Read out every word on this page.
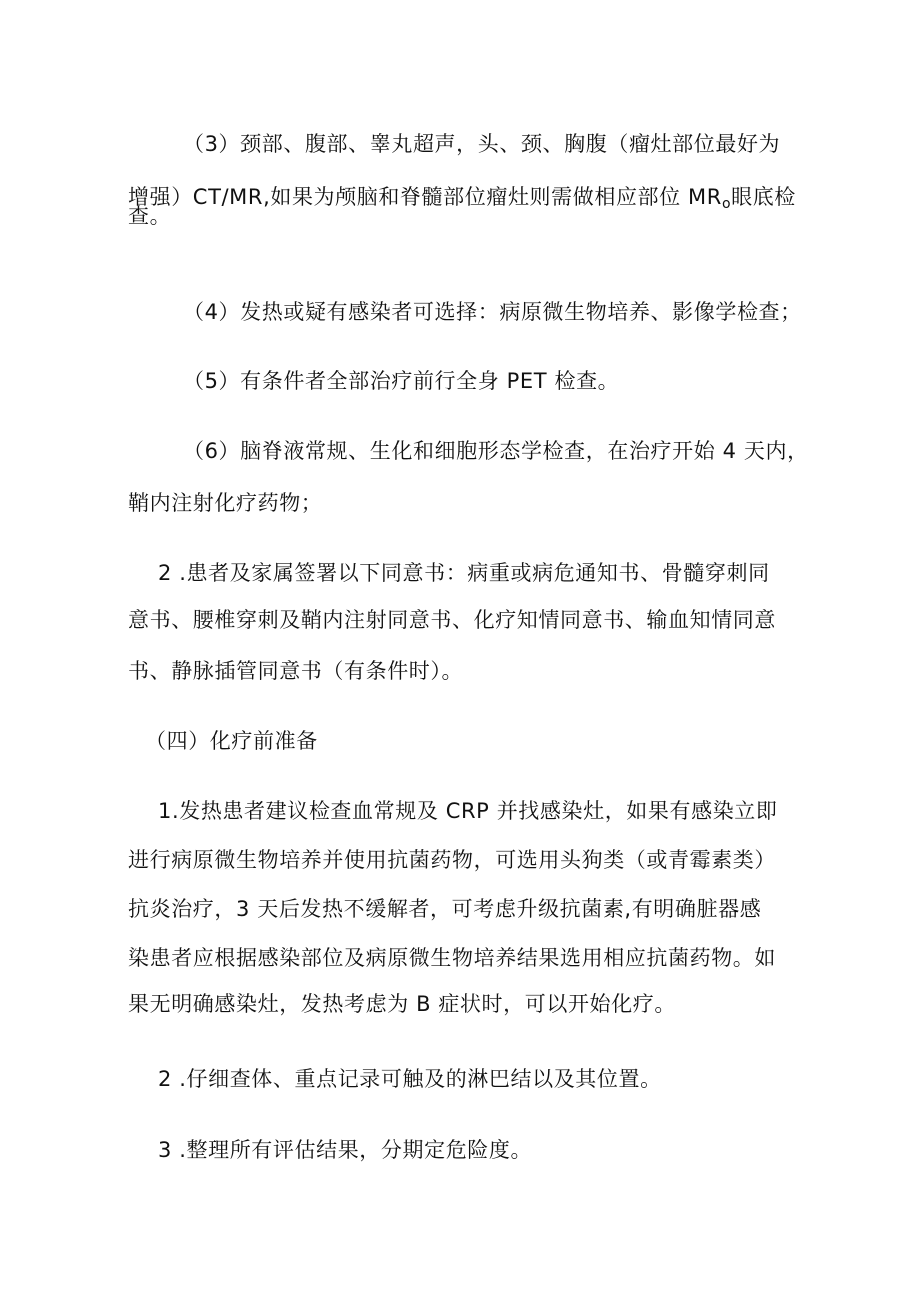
（3）颈部、腹部、睾丸超声，头、颈、胸腹（瘤灶部位最好为
增强）CT/MR,如果为颅脑和脊髓部位瘤灶则需做相应部位 $MR_o$眼底检
查。
（4）发热或疑有感染者可选择：病原微生物培养、影像学检查；
（5）有条件者全部治疗前行全身 PET 检查。
（6）脑脊液常规、生化和细胞形态学检查，在治疗开始 4 天内，
鞘内注射化疗药物；
2 .患者及家属签署以下同意书：病重或病危通知书、骨髓穿刺同
意书、腰椎穿刺及鞘内注射同意书、化疗知情同意书、输血知情同意
书、静脉插管同意书（有条件时）。
（四）化疗前准备
1.发热患者建议检查血常规及 CRP 并找感染灶，如果有感染立即
进行病原微生物培养并使用抗菌药物，可选用头狗类（或青霉素类）
抗炎治疗，3 天后发热不缓解者，可考虑升级抗菌素,有明确脏器感
染患者应根据感染部位及病原微生物培养结果选用相应抗菌药物。如
果无明确感染灶，发热考虑为 B 症状时，可以开始化疗。
2 .仔细查体、重点记录可触及的淋巴结以及其位置。
3 .整理所有评估结果，分期定危险度。
